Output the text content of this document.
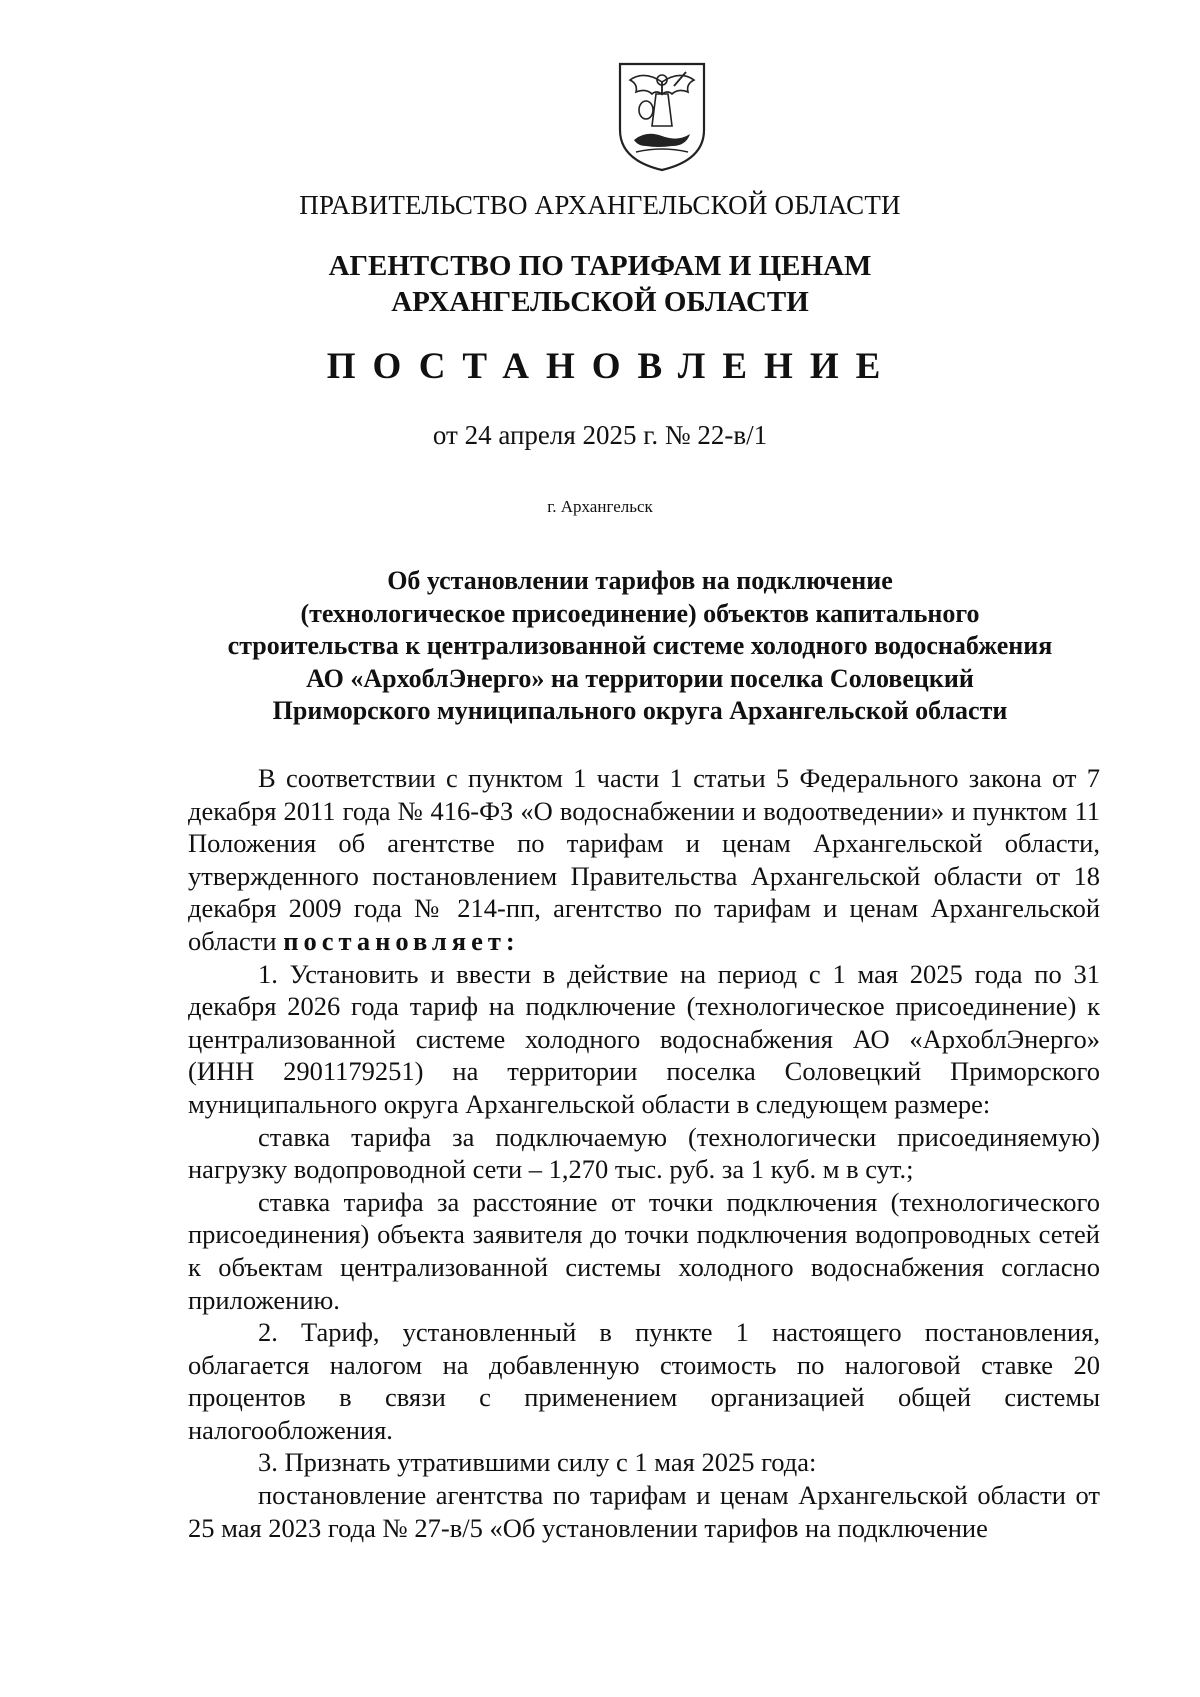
ПРАВИТЕЛЬСТВО АРХАНГЕЛЬСКОЙ ОБЛАСТИ
АГЕНТСТВО ПО ТАРИФАМ И ЦЕНАМ
АРХАНГЕЛЬСКОЙ ОБЛАСТИ
ПОСТАНОВЛЕНИЕ
от 24 апреля 2025 г. № 22-в/1
г. Архангельск
Об установлении тарифов на подключение
(технологическое присоединение) объектов капитального
строительства к централизованной системе холодного водоснабжения
АО «АрхоблЭнерго» на территории поселка Соловецкий
Приморского муниципального округа Архангельской области

В соответствии с пунктом 1 части 1 статьи 5 Федерального закона от 7 декабря 2011 года № 416-ФЗ «О водоснабжении и водоотведении» и пунктом 11 Положения об агентстве по тарифам и ценам Архангельской области, утвержденного постановлением Правительства Архангельской области от 18 декабря 2009 года № 214-пп, агентство по тарифам и ценам Архангельской области постановляет:

1. Установить и ввести в действие на период с 1 мая 2025 года по 31 декабря 2026 года тариф на подключение (технологическое присоединение) к централизованной системе холодного водоснабжения АО «АрхоблЭнерго» (ИНН 2901179251) на территории поселка Соловецкий Приморского муниципального округа Архангельской области в следующем размере:

ставка тарифа за подключаемую (технологически присоединяемую) нагрузку водопроводной сети – 1,270 тыс. руб. за 1 куб. м в сут.;

ставка тарифа за расстояние от точки подключения (технологического присоединения) объекта заявителя до точки подключения водопроводных сетей к объектам централизованной системы холодного водоснабжения согласно приложению.

2. Тариф, установленный в пункте 1 настоящего постановления, облагается налогом на добавленную стоимость по налоговой ставке 20 процентов в связи с применением организацией общей системы налогообложения.

3. Признать утратившими силу с 1 мая 2025 года:

постановление агентства по тарифам и ценам Архангельской области от 25 мая 2023 года № 27-в/5 «Об установлении тарифов на подключение
